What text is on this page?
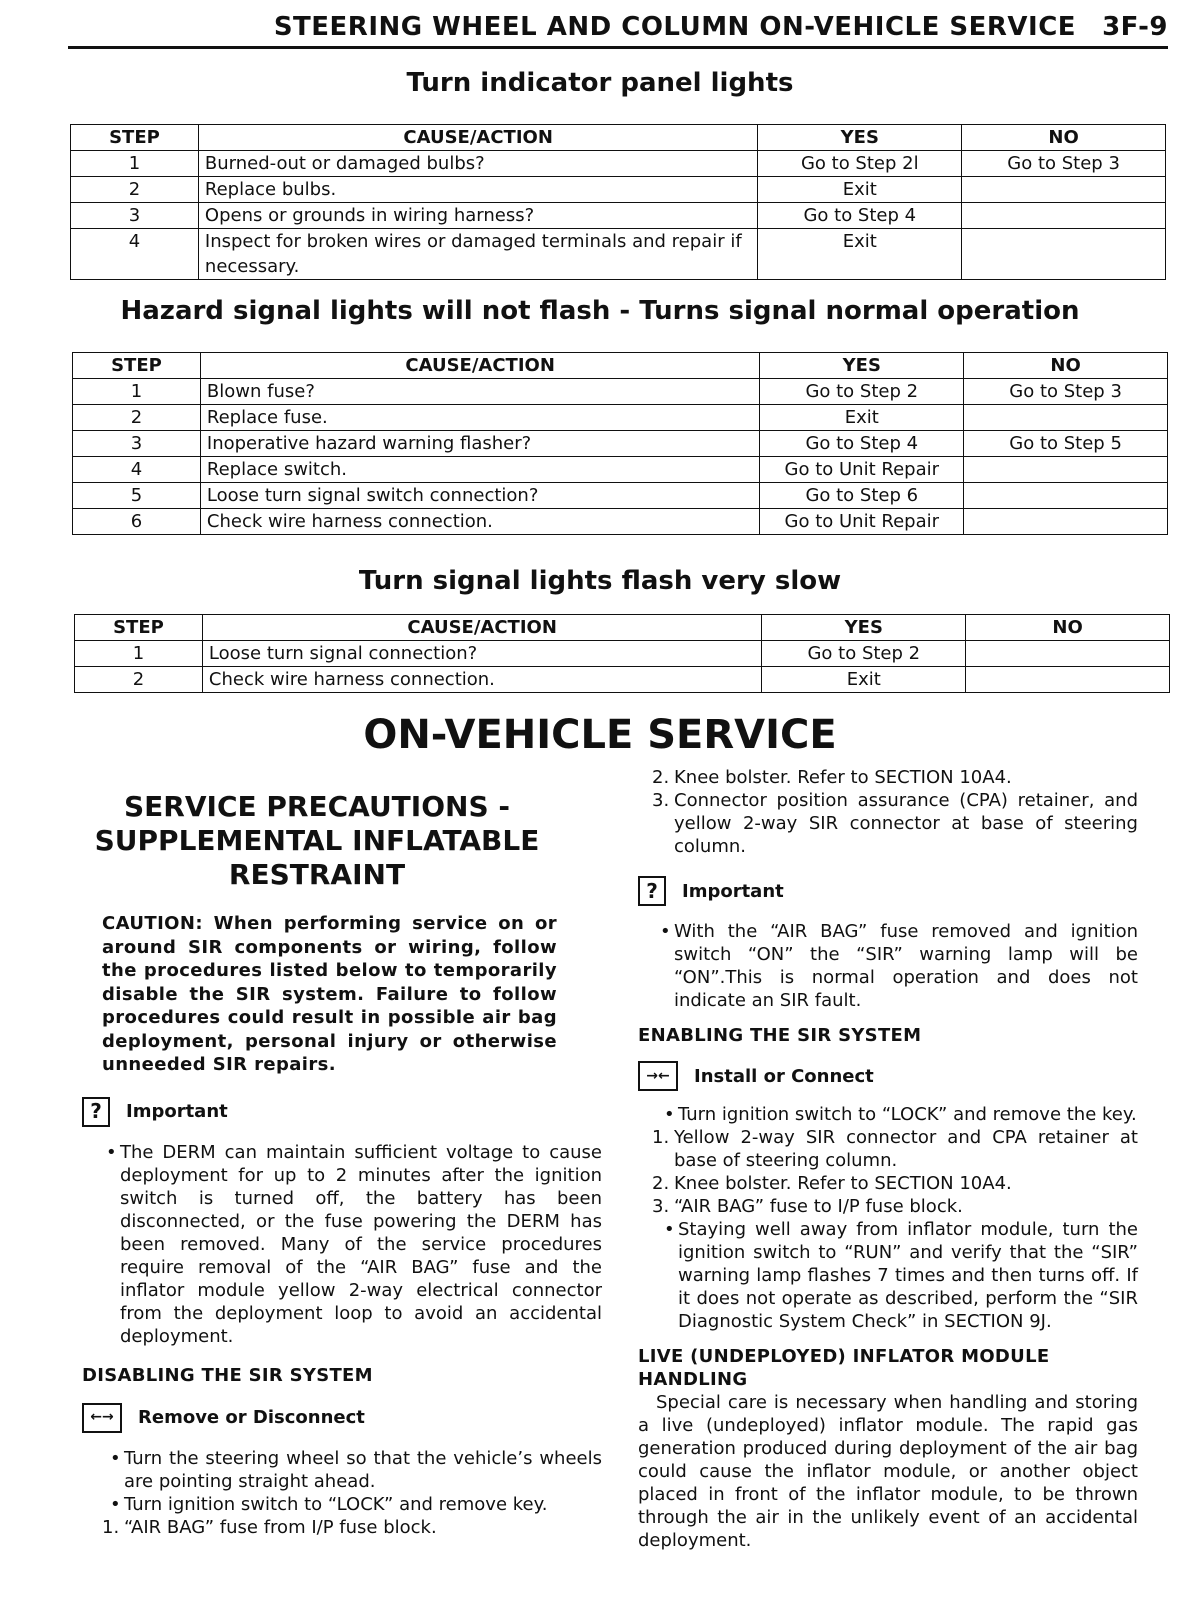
STEERING WHEEL AND COLUMN ON-VEHICLE SERVICE 3F-9
Turn indicator panel lights
STEP	CAUSE/ACTION	YES	NO
1	Burned-out or damaged bulbs?	Go to Step 2l	Go to Step 3
2	Replace bulbs.	Exit	
3	Opens or grounds in wiring harness?	Go to Step 4	
4	Inspect for broken wires or damaged terminals and repair if necessary.	Exit	
Hazard signal lights will not flash - Turns signal normal operation
STEP	CAUSE/ACTION	YES	NO
1	Blown fuse?	Go to Step 2	Go to Step 3
2	Replace fuse.	Exit	
3	Inoperative hazard warning flasher?	Go to Step 4	Go to Step 5
4	Replace switch.	Go to Unit Repair	
5	Loose turn signal switch connection?	Go to Step 6	
6	Check wire harness connection.	Go to Unit Repair	
Turn signal lights flash very slow
STEP	CAUSE/ACTION	YES	NO
1	Loose turn signal connection?	Go to Step 2	
2	Check wire harness connection.	Exit	
ON-VEHICLE SERVICE
SERVICE PRECAUTIONS - SUPPLEMENTAL INFLATABLE RESTRAINT

CAUTION: When performing service on or around SIR components or wiring, follow the procedures listed below to temporarily disable the SIR system. Failure to follow procedures could result in possible air bag deployment, personal injury or otherwise unneeded SIR repairs.

?	Important

• The DERM can maintain sufficient voltage to cause deployment for up to 2 minutes after the ignition switch is turned off, the battery has been disconnected, or the fuse powering the DERM has been removed. Many of the service procedures require removal of the “AIR BAG” fuse and the inflator module yellow 2-way electrical connector from the deployment loop to avoid an accidental deployment.

DISABLING THE SIR SYSTEM

←→	Remove or Disconnect

• Turn the steering wheel so that the vehicle’s wheels are pointing straight ahead.

• Turn ignition switch to “LOCK” and remove key.

1. “AIR BAG” fuse from I/P fuse block.

2. Knee bolster. Refer to SECTION 10A4.

3. Connector position assurance (CPA) retainer, and yellow 2-way SIR connector at base of steering column.

?	Important

• With the “AIR BAG” fuse removed and ignition switch “ON” the “SIR” warning lamp will be “ON”.This is normal operation and does not indicate an SIR fault.

ENABLING THE SIR SYSTEM

→←	Install or Connect

• Turn ignition switch to “LOCK” and remove the key.

1. Yellow 2-way SIR connector and CPA retainer at base of steering column.

2. Knee bolster. Refer to SECTION 10A4.

3. “AIR BAG” fuse to I/P fuse block.

• Staying well away from inflator module, turn the ignition switch to “RUN” and verify that the “SIR” warning lamp flashes 7 times and then turns off. If it does not operate as described, perform the “SIR Diagnostic System Check” in SECTION 9J.

LIVE (UNDEPLOYED) INFLATOR MODULE HANDLING

Special care is necessary when handling and storing a live (undeployed) inflator module. The rapid gas generation produced during deployment of the air bag could cause the inflator module, or another object placed in front of the inflator module, to be thrown through the air in the unlikely event of an accidental deployment.
